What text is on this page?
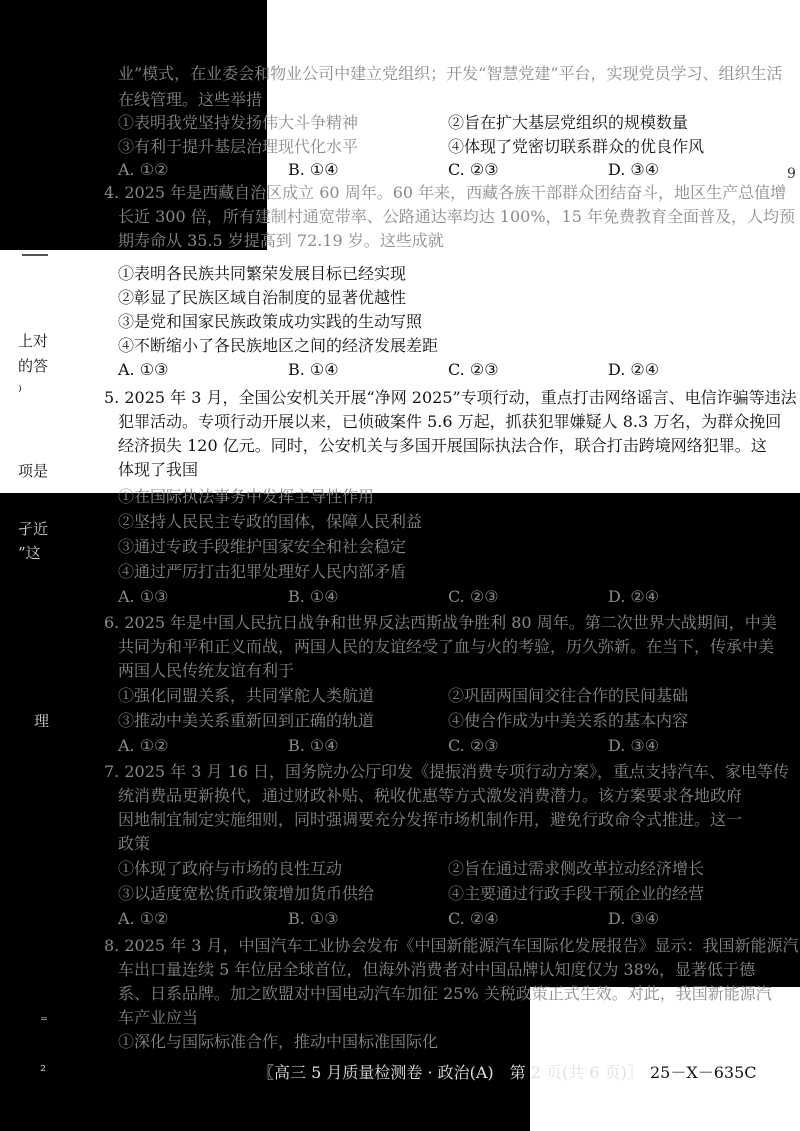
业”模式，在业委会和物业公司中建立党组织；开发“智慧党建”平台，实现党员学习、组织生活
在线管理。这些举措
①表明我党坚持发扬伟大斗争精神	②旨在扩大基层党组织的规模数量
③有利于提升基层治理现代化水平	④体现了党密切联系群众的优良作风
A. ①②	B. ①④	C. ②③	D. ③④
4. 2025 年是西藏自治区成立 60 周年。60 年来，西藏各族干部群众团结奋斗，地区生产总值增
长近 300 倍，所有建制村通宽带率、公路通达率均达 100%，15 年免费教育全面普及，人均预
期寿命从 35.5 岁提高到 72.19 岁。这些成就
①表明各民族共同繁荣发展目标已经实现
②彰显了民族区域自治制度的显著优越性
③是党和国家民族政策成功实践的生动写照
④不断缩小了各民族地区之间的经济发展差距
A. ①③	B. ①④	C. ②③	D. ②④
5. 2025 年 3 月，全国公安机关开展“净网 2025”专项行动，重点打击网络谣言、电信诈骗等违法
犯罪活动。专项行动开展以来，已侦破案件 5.6 万起，抓获犯罪嫌疑人 8.3 万名，为群众挽回
经济损失 120 亿元。同时，公安机关与多国开展国际执法合作，联合打击跨境网络犯罪。这
体现了我国
①在国际执法事务中发挥主导性作用
②坚持人民民主专政的国体，保障人民利益
③通过专政手段维护国家安全和社会稳定
④通过严厉打击犯罪处理好人民内部矛盾
A. ①③	B. ①④	C. ②③	D. ②④
6. 2025 年是中国人民抗日战争和世界反法西斯战争胜利 80 周年。第二次世界大战期间，中美
共同为和平和正义而战，两国人民的友谊经受了血与火的考验，历久弥新。在当下，传承中美
两国人民传统友谊有利于
①强化同盟关系，共同掌舵人类航道	②巩固两国间交往合作的民间基础
③推动中美关系重新回到正确的轨道	④使合作成为中美关系的基本内容
A. ①②	B. ①④	C. ②③	D. ③④
7. 2025 年 3 月 16 日，国务院办公厅印发《提振消费专项行动方案》，重点支持汽车、家电等传
统消费品更新换代，通过财政补贴、税收优惠等方式激发消费潜力。该方案要求各地政府
因地制宜制定实施细则，同时强调要充分发挥市场机制作用，避免行政命令式推进。这一
政策
①体现了政府与市场的良性互动	②旨在通过需求侧改革拉动经济增长
③以适度宽松货币政策增加货币供给	④主要通过行政手段干预企业的经营
A. ①②	B. ①③	C. ②④	D. ③④
8. 2025 年 3 月，中国汽车工业协会发布《中国新能源汽车国际化发展报告》显示：我国新能源汽
车出口量连续 5 年位居全球首位，但海外消费者对中国品牌认知度仅为 38%，显著低于德
系、日系品牌。加之欧盟对中国电动汽车加征 25% 关税政策正式生效。对此，我国新能源汽
车产业应当
①深化与国际标准合作，推动中国标准国际化
上对
的答
⁾
项是
孑近
”这
理
⁼
²
9
〖高三 5 月质量检测卷 · 政治(A)　第 2 页(共 6 页)〗 25－X－635C
